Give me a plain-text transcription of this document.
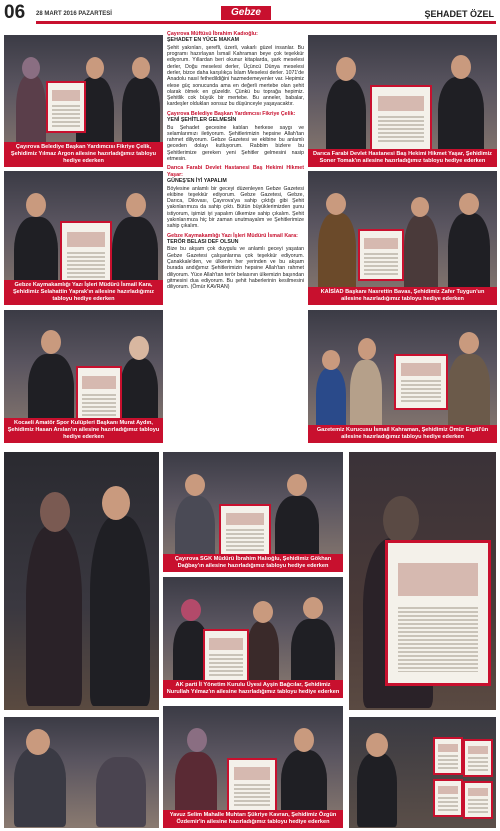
06 28 MART 2016 PAZARTESİ	Gebze	ŞEHADET ÖZEL
Çayırova Belediye Başkan Yardımcısı Fikriye Çelik, Şehidimiz Yılmaz Argon ailesine hazırladığımız tabloyu hediye ederken
Çayırova Müftüsü İbrahim Kadıoğlu:
ŞEHADET EN YÜCE MAKAM

Şehit yakınları, şerefli, üzerli, vakarlı güzel insanlar. Bu programı hazırlayan İsmail Kahraman beye çok teşekkür ediyorum. Yıllardan beri okunur kitaplarda, şark meselesi derler, Doğu meselesi derler, Üçüncü Dünya meselesi derler, bizce daha karşılıkça İslam Meselesi derler. 1071'de Anadolu nasıl fethedildiğini hazmedemeyenler var. Hepimiz elese güç sonucunda ama en değerli mertebe olan şehit olarak ölmek en güzeldir. Çünkü bu toprağa hepimiz. Şehitlik cok büyük bir mertebe. Bu anneler, babalar, kardeşler oldukları sonsuz bu düşünceyle yaşayacaktır.

Çayırova Belediye Başkan Yardımcısı Fikriye Çelik:
YENİ ŞEHİTLER GELMESİN

Bu Şehadet gecesine katılan herkese saygı ve selamlarımızı iletiyorum. Şehitlerimizin hepsine Allah'tan rahmet diliyorum. Gebze Gazetesi ve ekibine bu anlamlı geceden dolayı kutluyorum. Rabbim bizlere bu Şehitlerimize gereken yeni Şehitler gelmesini nasip etmesin.

Darıca Farabi Devlet Hastanesi Baş Hekimi Hikmet Yaşar:
GÜNEŞ'EN İYİ YAPALIM

Böylesine anlamlı bir geceyi düzenleyen Gebze Gazetesi ekibine teşekkür ediyorum. Gebze Gazetesi, Gebze, Darıca, Dilovası, Çayırova'ya sahip çıktığı gibi Şehit yakınlarımıza da sahip çıktı. Bütün büyüklerimizden şunu istiyorum, işimizi iyi yapalım ülkemize sahip çıkalım. Şehit yakınlarımıza hiç bir zaman unutmayalım ve Şehitlerimize sahip çıkalım.

Gebze Kaymakamlığı Yazı İşleri Müdürü İsmail Kara:
TERÖR BELASI DEF OLSUN

Bize bu akşam çok duygulu ve anlamlı geceyi yaşatan Gebze Gazetesi çalışanlarına çok teşekkür ediyorum. Çanakkale'den, ve ülkenin her yerinden ve bu akşam burada andığımız Şehitlerimizin hepsine Allah'tan rahmet diliyorum. Yüce Allah'tan terör belasının ülkemizin başından gitmesini dua ediyorum. Bu şehit haberlerinin kesilmesini diliyorum. (Ömür KAVRAN)

Darıca Farabi Devlet Hastanesi Baş Hekimi Hikmet Yaşar, Şehidimiz Soner Tomak'ın ailesine hazırladığımız tabloyu hediye ederken
Gebze Kaymakamlığı Yazı İşleri Müdürü İsmail Kara, Şehidimiz Selahattin Yaprak'ın ailesine hazırladığımız tabloyu hediye ederken
KAİSİAD Başkanı Nasrettin Bavas, Şehidimiz Zafer Tuygun'un ailesine hazırladığımız tabloyu hediye ederken
Kocaeli Amatör Spor Kulüpleri Başkanı Murat Aydın, Şehidimiz Hasan Arslan'ın ailesine hazırladığımız tabloyu hediye ederken
Gazetemiz Kurucusu İsmail Kahraman, Şehidimiz Ömür Ergül'ün ailesine hazırladığımız tabloyu hediye ederken
Çayırova SGK Müdürü İbrahim Halıoğlu, Şehidimiz Gökhan Dağbay'ın ailesine hazırladığımız tabloyu hediye ederken
AK parti İl Yönetim Kurulu Üyesi Ayşin Bağcılar, Şehidimiz Nurullah Yılmaz'ın ailesine hazırladığımız tabloyu hediye ederken
Yavuz Selim Mahalle Muhtarı Şükriye Kavran, Şehidimiz Özgün Özdemir'in ailesine hazırladığımız tabloyu hediye ederken
